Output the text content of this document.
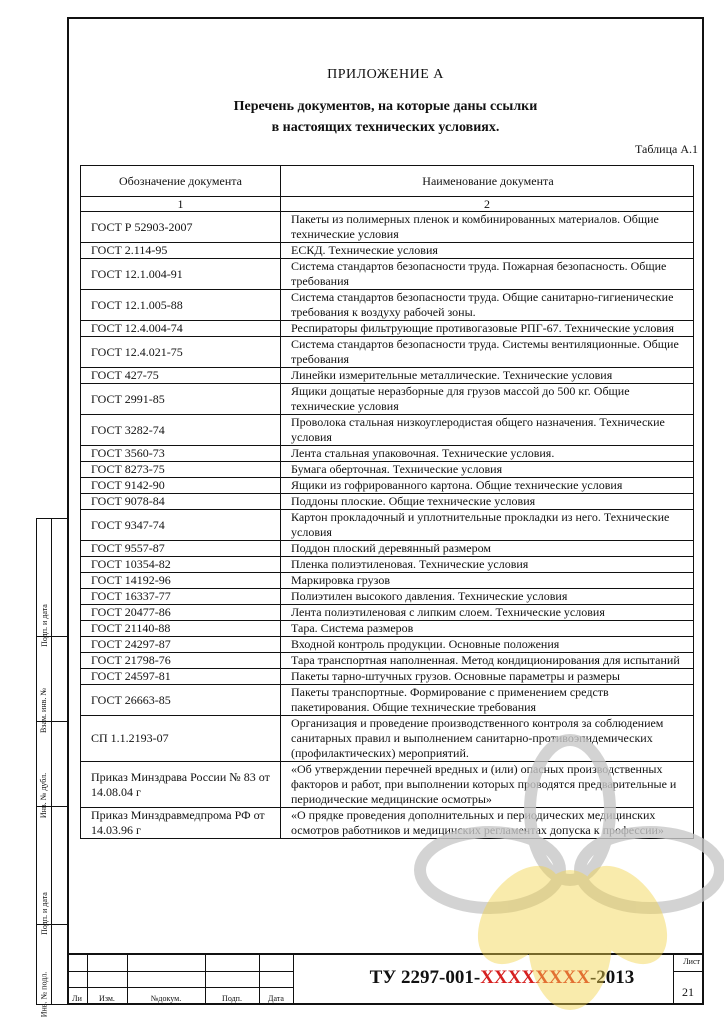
Подп. и дата
Взам. инв. №
Инв. № дубл.
Подп. и дата
Инв. № подл.
ПРИЛОЖЕНИЕ А
Перечень документов, на которые даны ссылки
в настоящих технических условиях.
Таблица А.1
Обозначение документа	Наименование документа
1	2
ГОСТ Р 52903-2007	Пакеты из полимерных пленок и комбинированных материалов. Общие технические условия
ГОСТ 2.114-95	ЕСКД. Технические условия
ГОСТ 12.1.004-91	Система стандартов безопасности труда. Пожарная безопасность. Общие требования
ГОСТ 12.1.005-88	Система стандартов безопасности труда. Общие санитарно-гигиенические требования к воздуху рабочей зоны.
ГОСТ 12.4.004-74	Респираторы фильтрующие противогазовые РПГ-67. Технические условия
ГОСТ 12.4.021-75	Система стандартов безопасности труда. Системы вентиляционные. Общие требования
ГОСТ 427-75	Линейки измерительные металлические. Технические условия
ГОСТ 2991-85	Ящики дощатые неразборные для грузов массой до 500 кг. Общие технические условия
ГОСТ 3282-74	Проволока стальная низкоуглеродистая общего назначения. Технические условия
ГОСТ 3560-73	Лента стальная упаковочная. Технические условия.
ГОСТ 8273-75	Бумага оберточная. Технические условия
ГОСТ 9142-90	Ящики из гофрированного картона. Общие технические условия
ГОСТ 9078-84	Поддоны плоские. Общие технические условия
ГОСТ 9347-74	Картон прокладочный и уплотнительные прокладки из него. Технические условия
ГОСТ 9557-87	Поддон плоский деревянный размером
ГОСТ 10354-82	Пленка полиэтиленовая. Технические условия
ГОСТ 14192-96	Маркировка грузов
ГОСТ 16337-77	Полиэтилен высокого давления. Технические условия
ГОСТ 20477-86	Лента полиэтиленовая с липким слоем. Технические условия
ГОСТ 21140-88	Тара. Система размеров
ГОСТ 24297-87	Входной контроль продукции. Основные положения
ГОСТ 21798-76	Тара транспортная наполненная. Метод кондиционирования для испытаний
ГОСТ 24597-81	Пакеты тарно-штучных грузов. Основные параметры и размеры
ГОСТ 26663-85	Пакеты транспортные. Формирование с применением средств пакетирования. Общие технические требования
СП 1.1.2193-07	Организация и проведение производственного контроля за соблюдением санитарных правил и выполнением санитарно-противоэпидемических (профилактических) мероприятий.
Приказ Минздрава России № 83 от 14.08.04 г	«Об утверждении перечней вредных и (или) опасных производственных факторов и работ, при выполнении которых проводятся предварительные и периодические медицинские осмотры»
Приказ Минздравмедпрома РФ от 14.03.96 г	«О прядке проведения дополнительных и периодических медицинских осмотров работников и медицинских регламентах допуска к профессии»
Ли	Изм.	№докум.	Подп.	Дата
ТУ 2297-001-XXXXXXXX-2013
Лист
21
